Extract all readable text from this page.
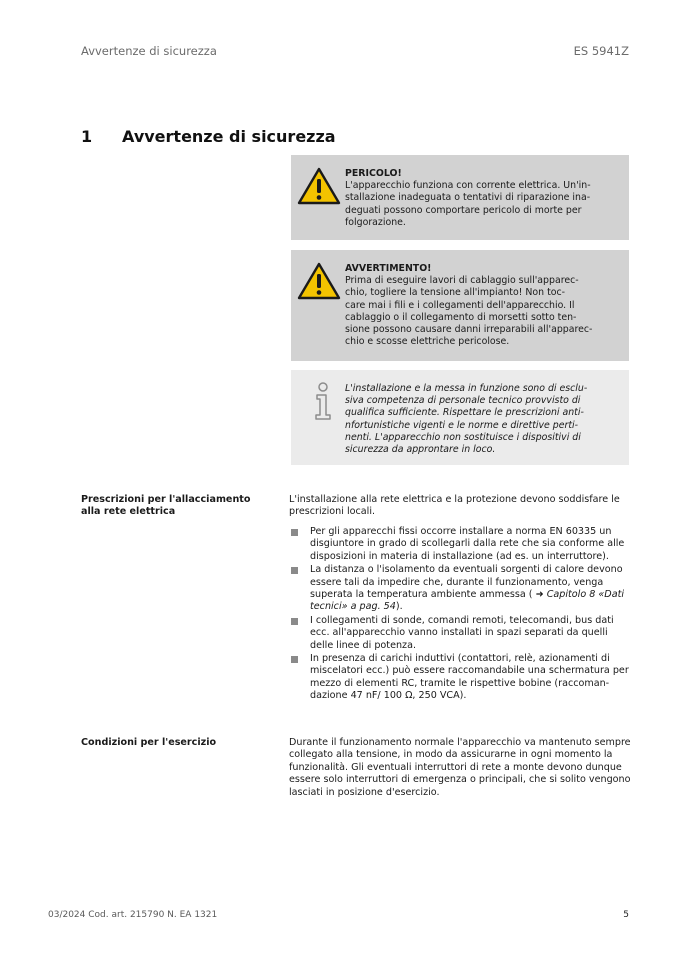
Avvertenze di sicurezza	ES 5941Z
1 Avvertenze di sicurezza
PERICOLO!
L'apparecchio funziona con corrente elettrica. Un'in-
stallazione inadeguata o tentativi di riparazione ina-
deguati possono comportare pericolo di morte per
folgorazione.
AVVERTIMENTO!
Prima di eseguire lavori di cablaggio sull'apparec-
chio, togliere la tensione all'impianto! Non toc-
care mai i fili e i collegamenti dell'apparecchio. Il
cablaggio o il collegamento di morsetti sotto ten-
sione possono causare danni irreparabili all'apparec-
chio e scosse elettriche pericolose.
L'installazione e la messa in funzione sono di esclu-
siva competenza di personale tecnico provvisto di
qualifica sufficiente. Rispettare le prescrizioni anti-
nfortunistiche vigenti e le norme e direttive perti-
nenti. L'apparecchio non sostituisce i dispositivi di
sicurezza da approntare in loco.
Prescrizioni per l'allacciamento alla rete elettrica
L'installazione alla rete elettrica e la protezione devono soddisfare le prescrizioni locali.
Per gli apparecchi fissi occorre installare a norma EN 60335 un disgiuntore in grado di scollegarli dalla rete che sia conforme alle disposizioni in materia di installazione (ad es. un interruttore).
La distanza o l'isolamento da eventuali sorgenti di calore devono essere tali da impedire che, durante il funzionamento, venga superata la temperatura ambiente ammessa ( ➜ Capitolo 8 «Dati tecnici» a pag. 54).
I collegamenti di sonde, comandi remoti, telecomandi, bus dati ecc. all'apparecchio vanno installati in spazi separati da quelli delle linee di potenza.
In presenza di carichi induttivi (contattori, relè, azionamenti di miscelatori ecc.) può essere raccomandabile una schermatura per mezzo di elementi RC, tramite le rispettive bobine (raccoman-dazione 47 nF/ 100 Ω, 250 VCA).
Condizioni per l'esercizio	Durante il funzionamento normale l'apparecchio va mantenuto sempre collegato alla tensione, in modo da assicurarne in ogni momento la funzionalità. Gli eventuali interruttori di rete a monte devono dunque essere solo interruttori di emergenza o principali, che si solito vengono lasciati in posizione d'esercizio.
03/2024 Cod. art. 215790 N. EA 1321	5
